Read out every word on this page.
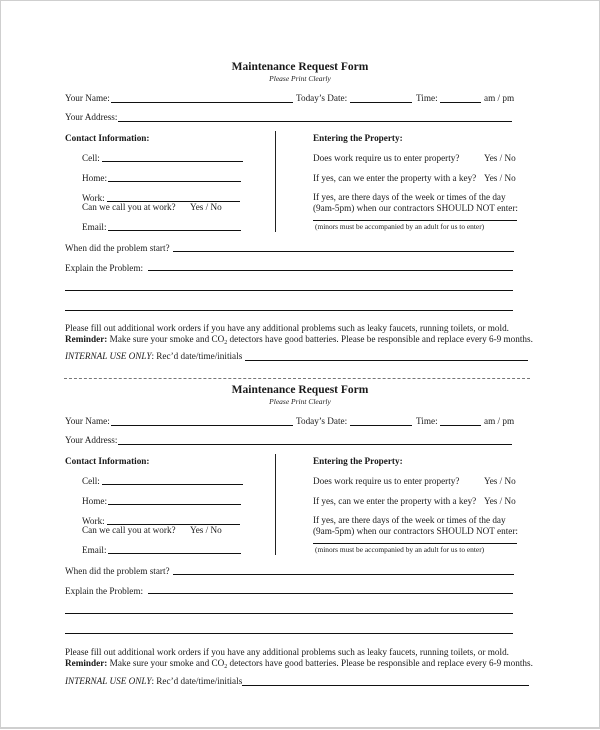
Maintenance Request Form
Please Print Clearly
Your Name:	Today’s Date:	Time:	am / pm
Your Address:
Contact Information:
Cell:
Home:
Work:
Can we call you at work? Yes / No
Email:
Entering the Property:
Does work require us to enter property?	Yes / No
If yes, can we enter the property with a key? Yes / No
If yes, are there days of the week or times of the day
(9am-5pm) when our contractors SHOULD NOT enter:
(minors must be accompanied by an adult for us to enter)
When did the problem start?
Explain the Problem:
Please fill out additional work orders if you have any additional problems such as leaky faucets, running toilets, or mold.
Reminder: Make sure your smoke and $CO_2$ detectors have good batteries. Please be responsible and replace every 6-9 months.
INTERNAL USE ONLY: Rec’d date/time/initials
Maintenance Request Form
Please Print Clearly
Your Name:	Today’s Date:	Time:	am / pm
Your Address:
Contact Information:
Cell:
Home:
Work:
Can we call you at work? Yes / No
Email:
Entering the Property:
Does work require us to enter property?	Yes / No
If yes, can we enter the property with a key? Yes / No
If yes, are there days of the week or times of the day
(9am-5pm) when our contractors SHOULD NOT enter:
(minors must be accompanied by an adult for us to enter)
When did the problem start?
Explain the Problem:
Please fill out additional work orders if you have any additional problems such as leaky faucets, running toilets, or mold.
Reminder: Make sure your smoke and $CO_2$ detectors have good batteries. Please be responsible and replace every 6-9 months.
INTERNAL USE ONLY: Rec’d date/time/initials
